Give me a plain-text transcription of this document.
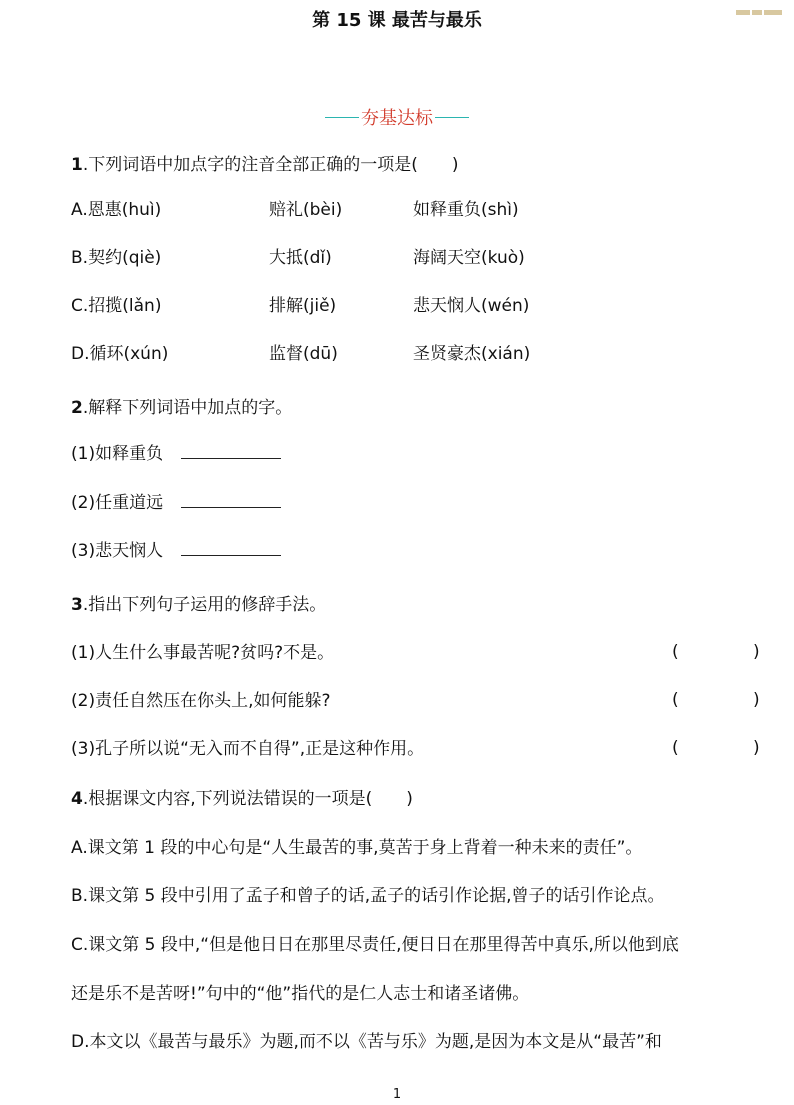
第 15 课 最苦与最乐
夯基达标
1.下列词语中加点字的注音全部正确的一项是(　　)
A.恩惠(huì)	赔礼(bèi)	如释重负(shì)
B.契约(qiè)	大抵(dǐ)	海阔天空(kuò)
C.招揽(lǎn)	排解(jiě)	悲天悯人(wén)
D.循环(xún)	监督(dū)	圣贤豪杰(xián)
2.解释下列词语中加点的字。
(1)如释重负
(2)任重道远
(3)悲天悯人
3.指出下列句子运用的修辞手法。
(1)人生什么事最苦呢?贫吗?不是。	(	)
(2)责任自然压在你头上,如何能躲?	(	)
(3)孔子所以说“无入而不自得”,正是这种作用。	(	)
4.根据课文内容,下列说法错误的一项是(　　)
A.课文第 1 段的中心句是“人生最苦的事,莫苦于身上背着一种未来的责任”。
B.课文第 5 段中引用了孟子和曾子的话,孟子的话引作论据,曾子的话引作论点。
C.课文第 5 段中,“但是他日日在那里尽责任,便日日在那里得苦中真乐,所以他到底
还是乐不是苦呀!”句中的“他”指代的是仁人志士和诸圣诸佛。
D.本文以《最苦与最乐》为题,而不以《苦与乐》为题,是因为本文是从“最苦”和
1
